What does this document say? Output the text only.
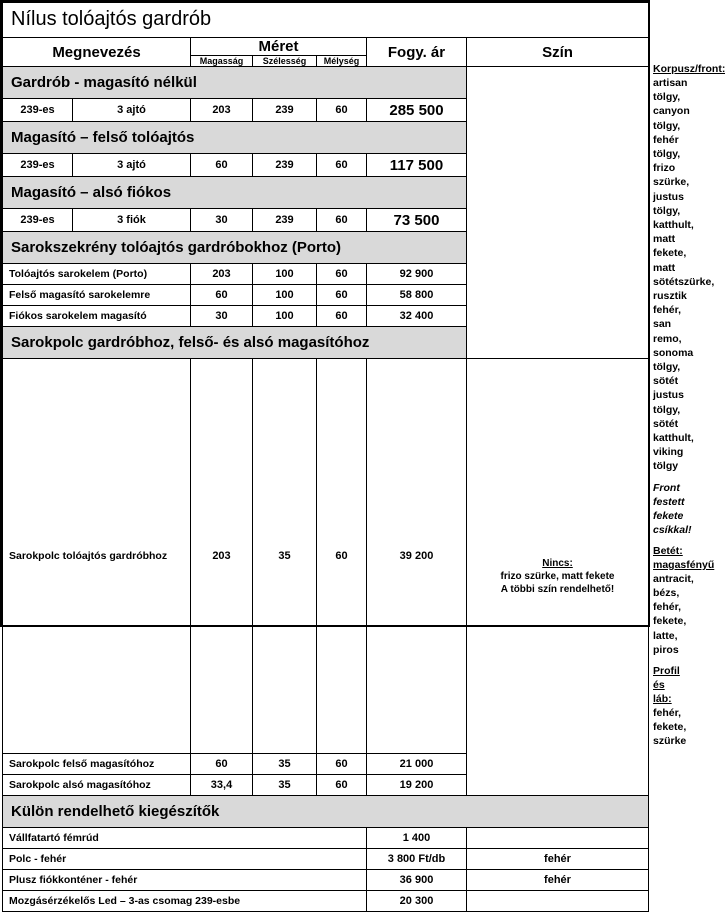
Nílus tolóajtós gardrób							
Megnevezés		Méret			Fogy. ár	Szín	
Magasság	Szélesség	Mélység	
Korpusz/front:
artisan tölgy,
canyon tölgy,
fehér tölgy,
frizo szürke,
justus tölgy,
katthult,
matt fekete,
matt sötétszürke,
rusztik fehér,
san remo,
sonoma tölgy,
sötét justus tölgy,
sötét katthult,
viking tölgy
Front festett fekete csíkkal!
Betét: magasfényű
antracit, bézs, fehér,
fekete, latte, piros
Profil és láb:
fehér, fekete, szürke

Gardrób - magasító nélkül							
239-es	3 ajtó	203	239	60	285 500		
Magasító – felső tolóajtós							
239-es	3 ajtó	60	239	60	117 500		
Magasító – alsó fiókos							
239-es	3 fiók	30	239	60	73 500		
Sarokszekrény tolóajtós gardróbokhoz (Porto)							
Tolóajtós sarokelem (Porto)		203	100	60	92 900		
Felső magasító sarokelemre		60	100	60	58 800		
Fiókos sarokelem magasító		30	100	60	32 400		
Sarokpolc gardróbhoz, felső- és alsó magasítóhoz							
Sarokpolc tolóajtós gardróbhoz		203	35	60	39 200	Nincs:
frizo szürke, matt fekete
A többi szín rendelhető!	

Sarokpolc felső magasítóhoz		60	35	60	21 000		
Sarokpolc alsó magasítóhoz		33,4	35	60	19 200		
Külön rendelhető kiegészítők							
Vállfatartó fémrúd					1 400		
Polc - fehér					3 800 Ft/db	fehér	
Plusz fiókkonténer - fehér					36 900	fehér	
Mozgásérzékelős Led – 3-as csomag 239-esbe					20 300		
